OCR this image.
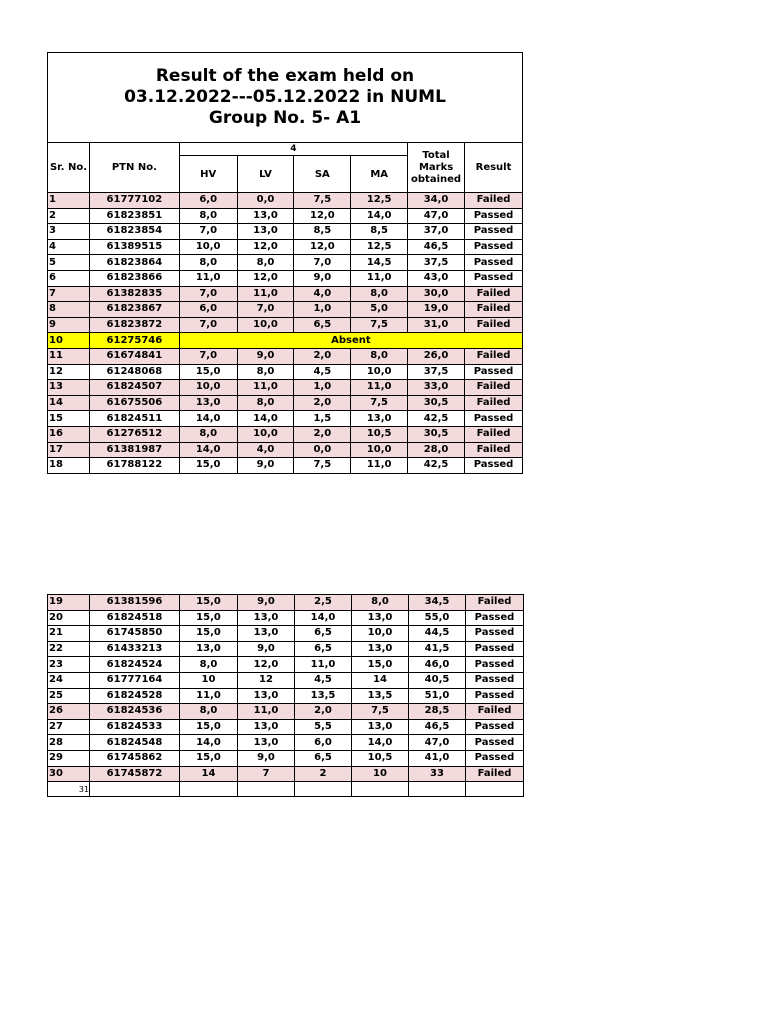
Result of the exam held on
03.12.2022---05.12.2022 in NUML
Group No. 5- A1
Sr. No.	PTN No.	4				Total Marks obtained	Result
		HV	LV	SA	MA		
1	61777102	6,0	0,0	7,5	12,5	34,0	Failed
2	61823851	8,0	13,0	12,0	14,0	47,0	Passed
3	61823854	7,0	13,0	8,5	8,5	37,0	Passed
4	61389515	10,0	12,0	12,0	12,5	46,5	Passed
5	61823864	8,0	8,0	7,0	14,5	37,5	Passed
6	61823866	11,0	12,0	9,0	11,0	43,0	Passed
7	61382835	7,0	11,0	4,0	8,0	30,0	Failed
8	61823867	6,0	7,0	1,0	5,0	19,0	Failed
9	61823872	7,0	10,0	6,5	7,5	31,0	Failed
10	61275746	Absent					
11	61674841	7,0	9,0	2,0	8,0	26,0	Failed
12	61248068	15,0	8,0	4,5	10,0	37,5	Passed
13	61824507	10,0	11,0	1,0	11,0	33,0	Failed
14	61675506	13,0	8,0	2,0	7,5	30,5	Failed
15	61824511	14,0	14,0	1,5	13,0	42,5	Passed
16	61276512	8,0	10,0	2,0	10,5	30,5	Failed
17	61381987	14,0	4,0	0,0	10,0	28,0	Failed
18	61788122	15,0	9,0	7,5	11,0	42,5	Passed
19	61381596	15,0	9,0	2,5	8,0	34,5	Failed
20	61824518	15,0	13,0	14,0	13,0	55,0	Passed
21	61745850	15,0	13,0	6,5	10,0	44,5	Passed
22	61433213	13,0	9,0	6,5	13,0	41,5	Passed
23	61824524	8,0	12,0	11,0	15,0	46,0	Passed
24	61777164	10	12	4,5	14	40,5	Passed
25	61824528	11,0	13,0	13,5	13,5	51,0	Passed
26	61824536	8,0	11,0	2,0	7,5	28,5	Failed
27	61824533	15,0	13,0	5,5	13,0	46,5	Passed
28	61824548	14,0	13,0	6,0	14,0	47,0	Passed
29	61745862	15,0	9,0	6,5	10,5	41,0	Passed
30	61745872	14	7	2	10	33	Failed
31							
